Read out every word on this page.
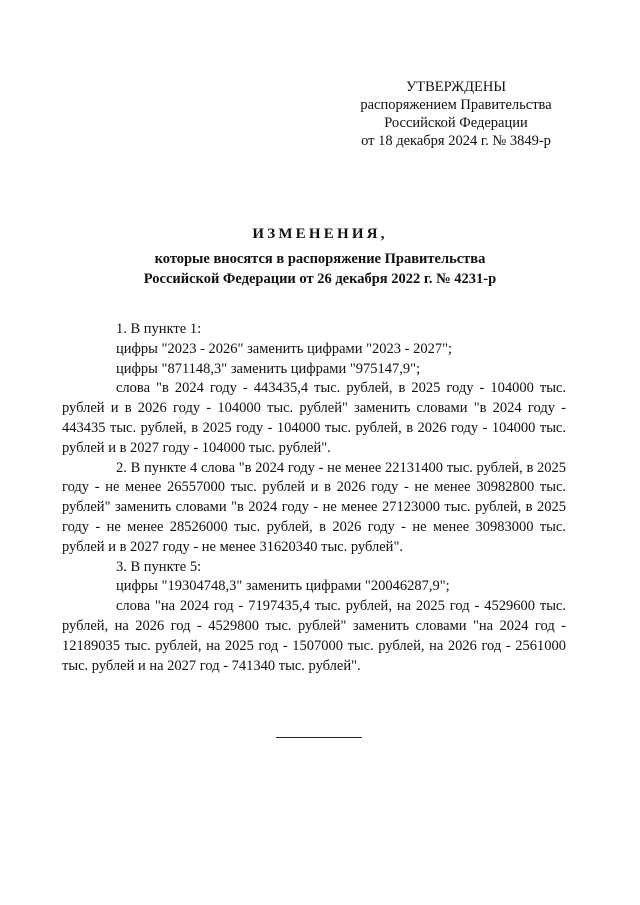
УТВЕРЖДЕНЫ
распоряжением Правительства
Российской Федерации
от 18 декабря 2024 г. № 3849-р
ИЗМЕНЕНИЯ,
которые вносятся в распоряжение Правительства
Российской Федерации от 26 декабря 2022 г. № 4231-р

1. В пункте 1:

цифры "2023 - 2026" заменить цифрами "2023 - 2027";

цифры "871148,3" заменить цифрами "975147,9";

слова "в 2024 году - 443435,4 тыс. рублей, в 2025 году - 104000 тыс. рублей и в 2026 году - 104000 тыс. рублей" заменить словами "в 2024 году - 443435 тыс. рублей, в 2025 году - 104000 тыс. рублей, в 2026 году - 104000 тыс. рублей и в 2027 году - 104000 тыс. рублей".

2. В пункте 4 слова "в 2024 году - не менее 22131400 тыс. рублей, в 2025 году - не менее 26557000 тыс. рублей и в 2026 году - не менее 30982800 тыс. рублей" заменить словами "в 2024 году - не менее 27123000 тыс. рублей, в 2025 году - не менее 28526000 тыс. рублей, в 2026 году - не менее 30983000 тыс. рублей и в 2027 году - не менее 31620340 тыс. рублей".

3. В пункте 5:

цифры "19304748,3" заменить цифрами "20046287,9";

слова "на 2024 год - 7197435,4 тыс. рублей, на 2025 год - 4529600 тыс. рублей, на 2026 год - 4529800 тыс. рублей" заменить словами "на 2024 год - 12189035 тыс. рублей, на 2025 год - 1507000 тыс. рублей, на 2026 год - 2561000 тыс. рублей и на 2027 год - 741340 тыс. рублей".
